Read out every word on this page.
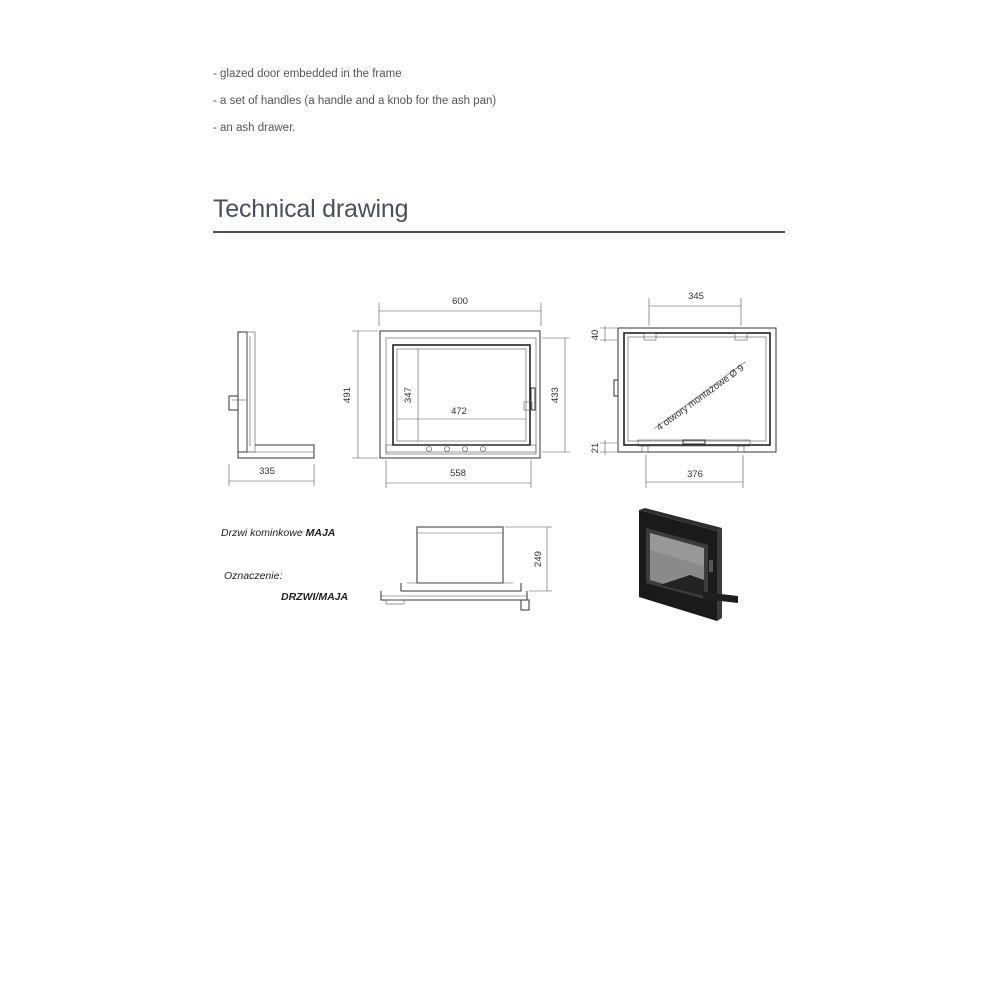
- glazed door embedded in the frame
- a set of handles (a handle and a knob for the ash pan)
- an ash drawer.
Technical drawing
335
600
491	433
347
472
558
345
4 otwory montażowe Ø 9
40
21
376
Drzwi kominkowe MAJA
Oznaczenie:
DRZWI/MAJA
249
